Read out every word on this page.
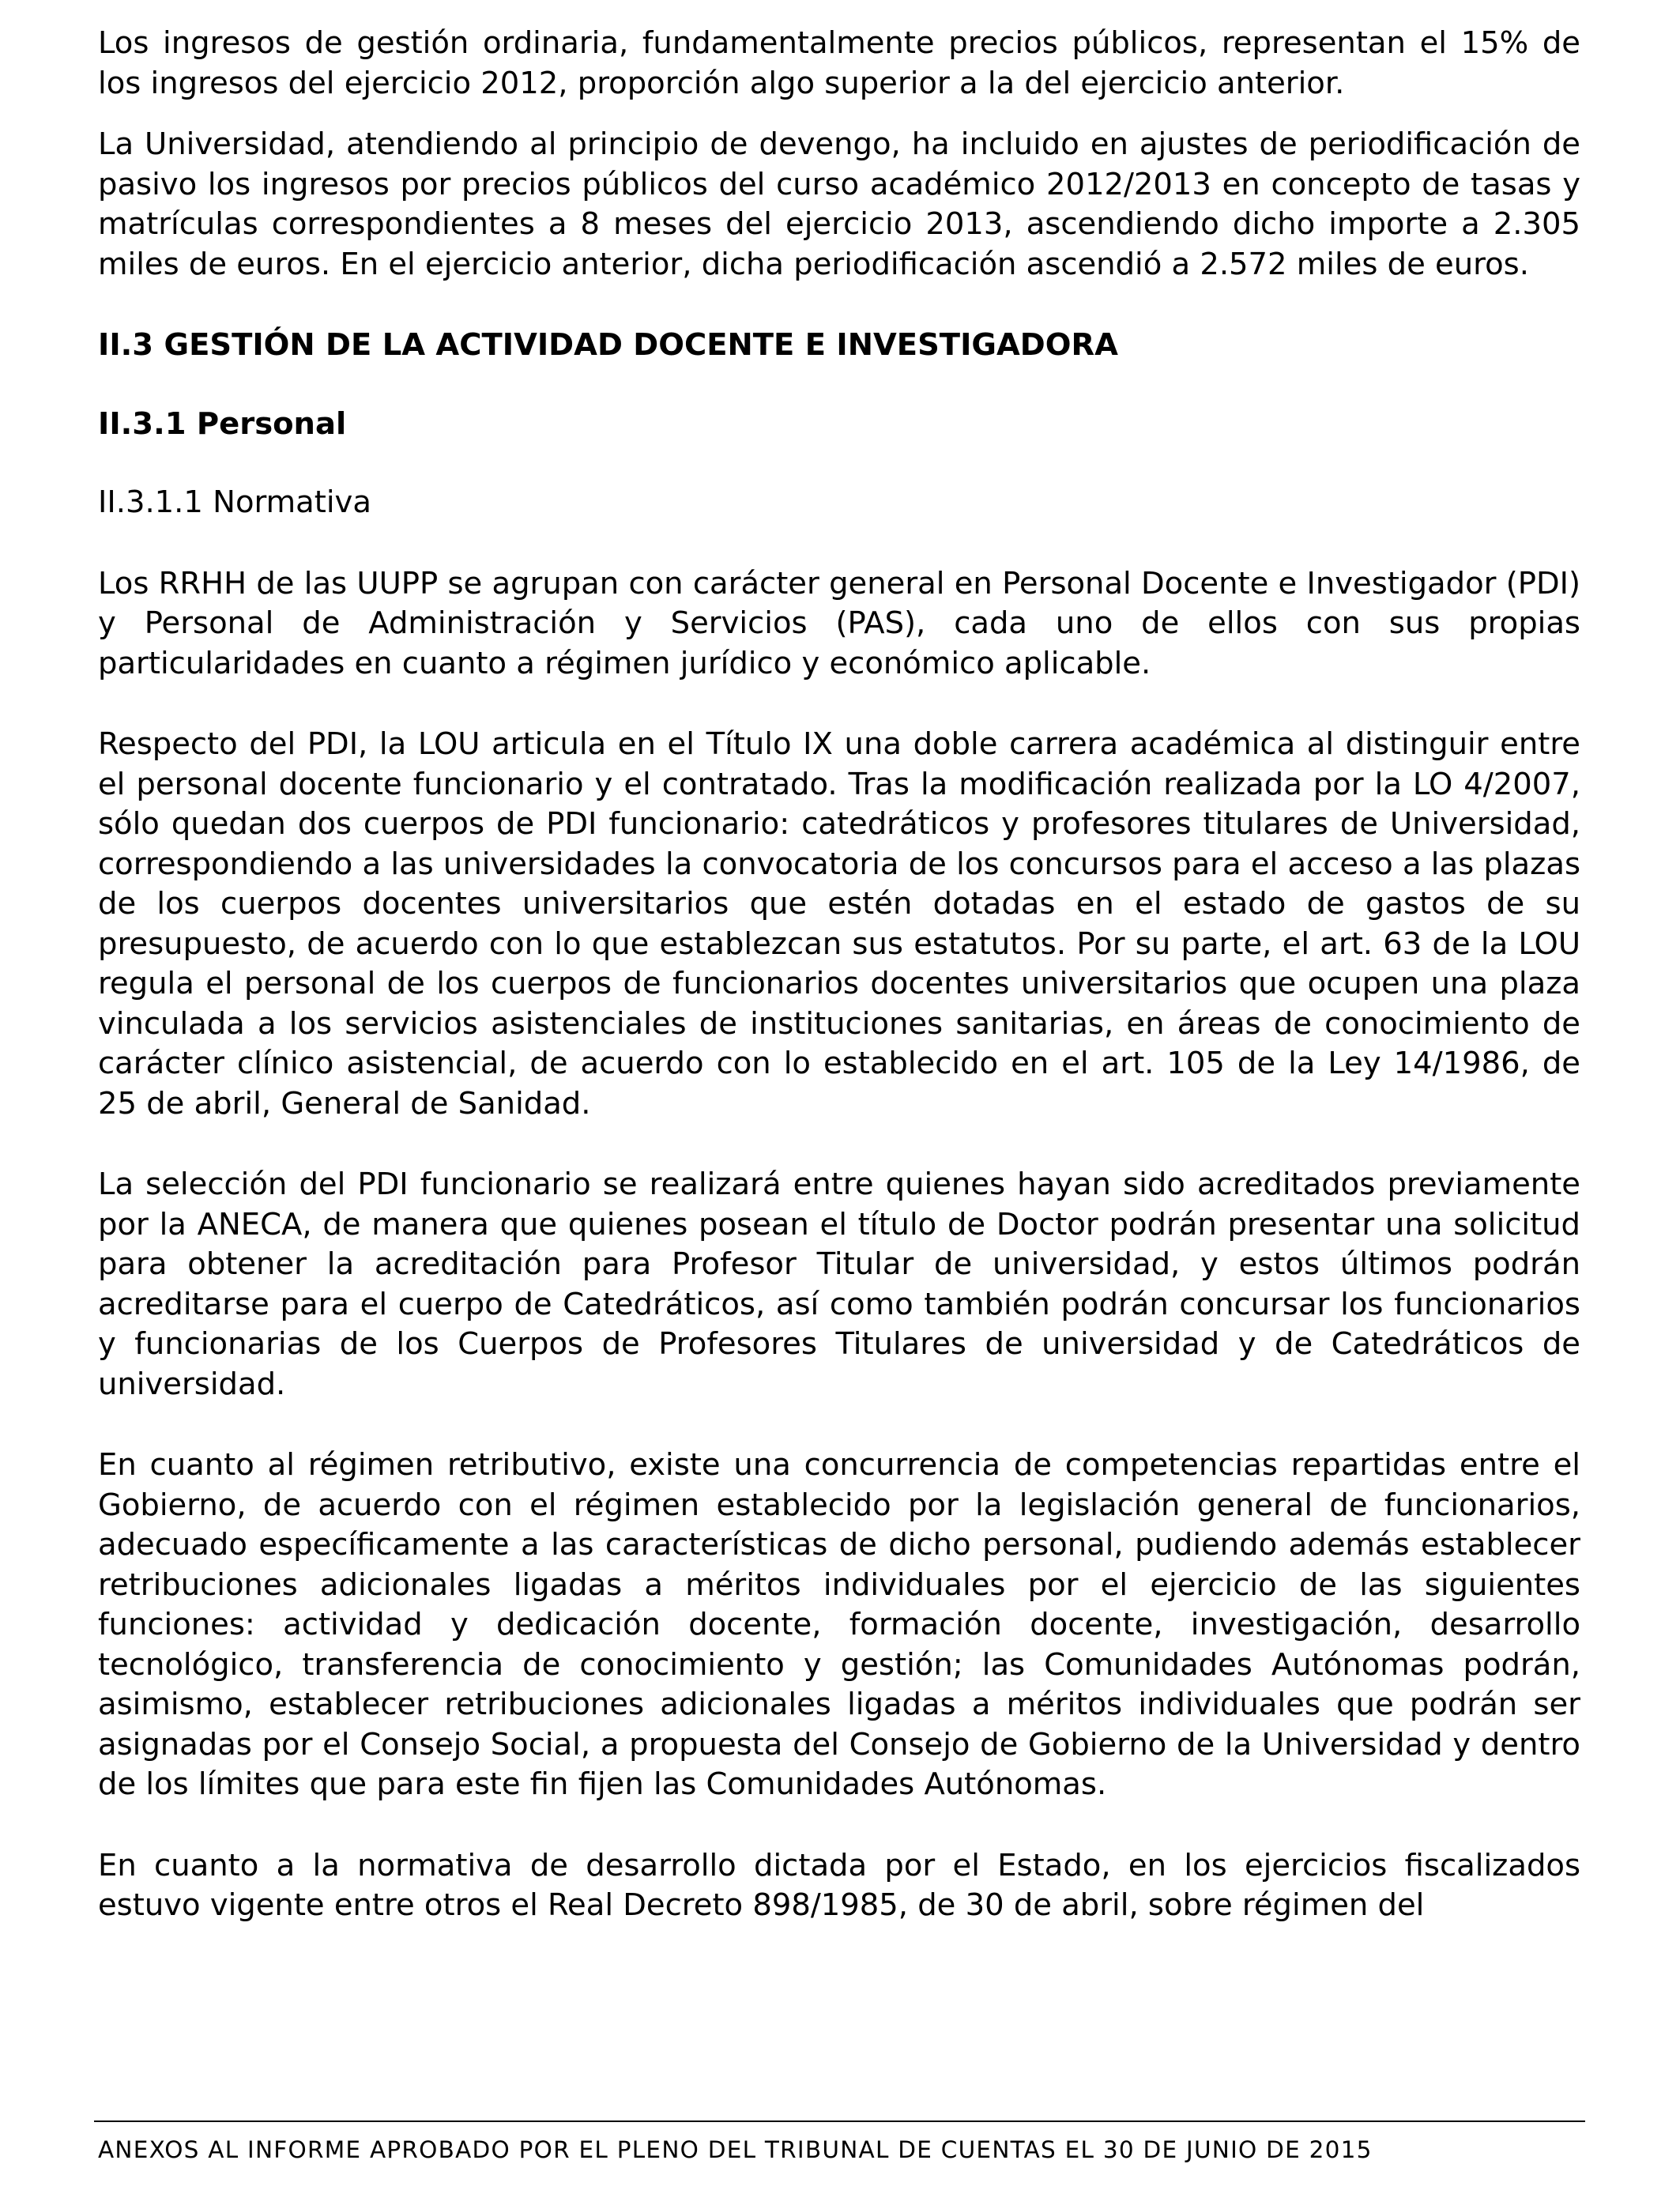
Los ingresos de gestión ordinaria, fundamentalmente precios públicos, representan el 15% de los ingresos del ejercicio 2012, proporción algo superior a la del ejercicio anterior.

La Universidad, atendiendo al principio de devengo, ha incluido en ajustes de periodificación de pasivo los ingresos por precios públicos del curso académico 2012/2013 en concepto de tasas y matrículas correspondientes a 8 meses del ejercicio 2013, ascendiendo dicho importe a 2.305 miles de euros. En el ejercicio anterior, dicha periodificación ascendió a 2.572 miles de euros.

II.3 GESTIÓN DE LA ACTIVIDAD DOCENTE E INVESTIGADORA
II.3.1 Personal
II.3.1.1 Normativa

Los RRHH de las UUPP se agrupan con carácter general en Personal Docente e Investigador (PDI) y Personal de Administración y Servicios (PAS), cada uno de ellos con sus propias particularidades en cuanto a régimen jurídico y económico aplicable.

Respecto del PDI, la LOU articula en el Título IX una doble carrera académica al distinguir entre el personal docente funcionario y el contratado. Tras la modificación realizada por la LO 4/2007, sólo quedan dos cuerpos de PDI funcionario: catedráticos y profesores titulares de Universidad, correspondiendo a las universidades la convocatoria de los concursos para el acceso a las plazas de los cuerpos docentes universitarios que estén dotadas en el estado de gastos de su presupuesto, de acuerdo con lo que establezcan sus estatutos. Por su parte, el art. 63 de la LOU regula el personal de los cuerpos de funcionarios docentes universitarios que ocupen una plaza vinculada a los servicios asistenciales de instituciones sanitarias, en áreas de conocimiento de carácter clínico asistencial, de acuerdo con lo establecido en el art. 105 de la Ley 14/1986, de 25 de abril, General de Sanidad.

La selección del PDI funcionario se realizará entre quienes hayan sido acreditados previamente por la ANECA, de manera que quienes posean el título de Doctor podrán presentar una solicitud para obtener la acreditación para Profesor Titular de universidad, y estos últimos podrán acreditarse para el cuerpo de Catedráticos, así como también podrán concursar los funcionarios y funcionarias de los Cuerpos de Profesores Titulares de universidad y de Catedráticos de universidad.

En cuanto al régimen retributivo, existe una concurrencia de competencias repartidas entre el Gobierno, de acuerdo con el régimen establecido por la legislación general de funcionarios, adecuado específicamente a las características de dicho personal, pudiendo además establecer retribuciones adicionales ligadas a méritos individuales por el ejercicio de las siguientes funciones: actividad y dedicación docente, formación docente, investigación, desarrollo tecnológico, transferencia de conocimiento y gestión; las Comunidades Autónomas podrán, asimismo, establecer retribuciones adicionales ligadas a méritos individuales que podrán ser asignadas por el Consejo Social, a propuesta del Consejo de Gobierno de la Universidad y dentro de los límites que para este fin fijen las Comunidades Autónomas.

En cuanto a la normativa de desarrollo dictada por el Estado, en los ejercicios fiscalizados estuvo vigente entre otros el Real Decreto 898/1985, de 30 de abril, sobre régimen del

ANEXOS AL INFORME APROBADO POR EL PLENO DEL TRIBUNAL DE CUENTAS EL 30 DE JUNIO DE 2015
